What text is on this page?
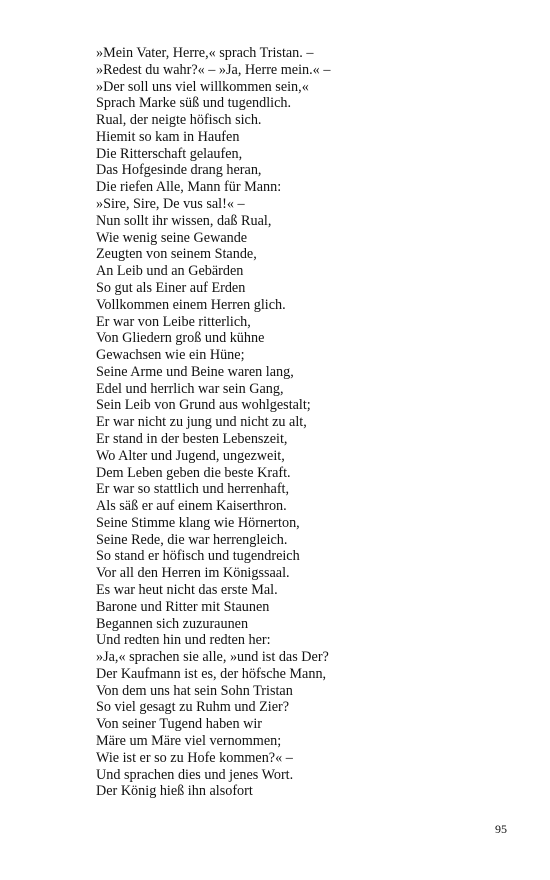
»Mein Vater, Herre,« sprach Tristan. –
»Redest du wahr?« – »Ja, Herre mein.« –
»Der soll uns viel willkommen sein,«
Sprach Marke süß und tugendlich.
Rual, der neigte höfisch sich.
Hiemit so kam in Haufen
Die Ritterschaft gelaufen,
Das Hofgesinde drang heran,
Die riefen Alle, Mann für Mann:
»Sire, Sire, De vus sal!« –
Nun sollt ihr wissen, daß Rual,
Wie wenig seine Gewande
Zeugten von seinem Stande,
An Leib und an Gebärden
So gut als Einer auf Erden
Vollkommen einem Herren glich.
Er war von Leibe ritterlich,
Von Gliedern groß und kühne
Gewachsen wie ein Hüne;
Seine Arme und Beine waren lang,
Edel und herrlich war sein Gang,
Sein Leib von Grund aus wohlgestalt;
Er war nicht zu jung und nicht zu alt,
Er stand in der besten Lebenszeit,
Wo Alter und Jugend, ungezweit,
Dem Leben geben die beste Kraft.
Er war so stattlich und herrenhaft,
Als säß er auf einem Kaiserthron.
Seine Stimme klang wie Hörnerton,
Seine Rede, die war herrengleich.
So stand er höfisch und tugendreich
Vor all den Herren im Königssaal.
Es war heut nicht das erste Mal.
Barone und Ritter mit Staunen
Begannen sich zuzuraunen
Und redten hin und redten her:
»Ja,« sprachen sie alle, »und ist das Der?
Der Kaufmann ist es, der höfsche Mann,
Von dem uns hat sein Sohn Tristan
So viel gesagt zu Ruhm und Zier?
Von seiner Tugend haben wir
Märe um Märe viel vernommen;
Wie ist er so zu Hofe kommen?« –
Und sprachen dies und jenes Wort.
Der König hieß ihn alsofort
95
